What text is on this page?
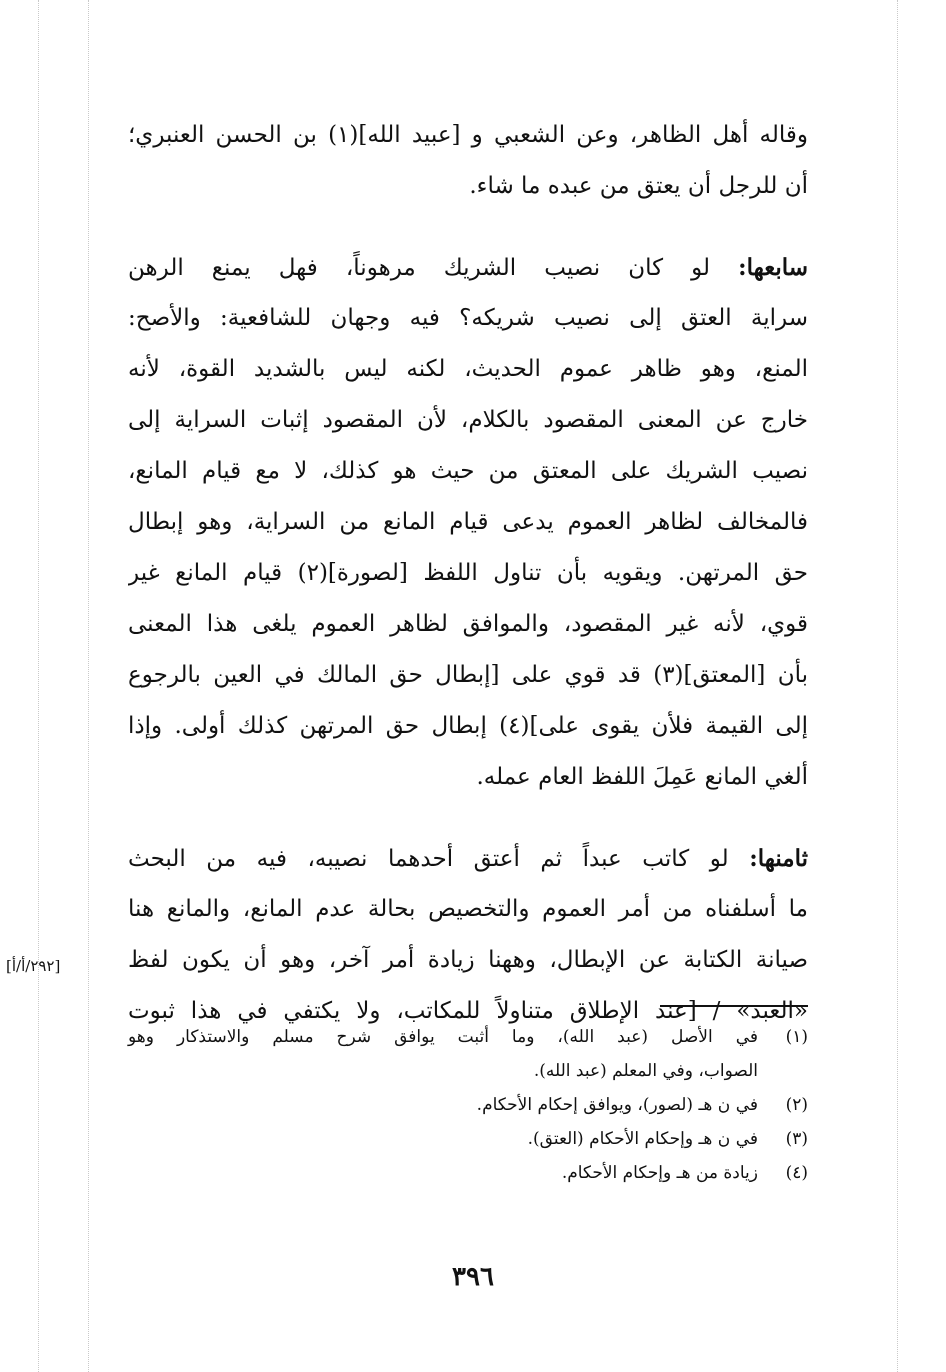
وقاله أهل الظاهر، وعن الشعبي و [عبيد الله](١) بن الحسن العنبري؛
أن للرجل أن يعتق من عبده ما شاء.
سابعها: لو كان نصيب الشريك مرهوناً، فهل يمنع الرهن
سراية العتق إلى نصيب شريكه؟ فيه وجهان للشافعية: والأصح:
المنع، وهو ظاهر عموم الحديث، لكنه ليس بالشديد القوة، لأنه
خارج عن المعنى المقصود بالكلام، لأن المقصود إثبات السراية إلى
نصيب الشريك على المعتق من حيث هو كذلك، لا مع قيام المانع،
فالمخالف لظاهر العموم يدعى قيام المانع من السراية، وهو إبطال
حق المرتهن. ويقويه بأن تناول اللفظ [لصورة](٢) قيام المانع غير
قوي، لأنه غير المقصود، والموافق لظاهر العموم يلغى هذا المعنى
بأن [المعتق](٣) قد قوي على [إبطال حق المالك في العين بالرجوع
إلى القيمة فلأن يقوى على](٤) إبطال حق المرتهن كذلك أولى. وإذا
ألغي المانع عَمِلَ اللفظ العام عمله.
ثامنها: لو كاتب عبداً ثم أعتق أحدهما نصيبه، فيه من البحث
ما أسلفناه من أمر العموم والتخصيص بحالة عدم المانع، والمانع هنا
صيانة الكتابة عن الإبطال، وههنا زيادة أمر آخر، وهو أن يكون لفظ
«العبد» / [عند الإطلاق متناولاً للمكاتب، ولا يكتفي في هذا ثبوت
[٢٩٢/أ/أ]
(١)
في الأصل (عبد الله)، وما أثبت يوافق شرح مسلم والاستذكار وهو
الصواب، وفي المعلم (عبد الله).
(٢)
في ن هـ (لصور)، ويوافق إحكام الأحكام.
(٣)
في ن هـ وإحكام الأحكام (العتق).
(٤)
زيادة من هـ وإحكام الأحكام.
٣٩٦
